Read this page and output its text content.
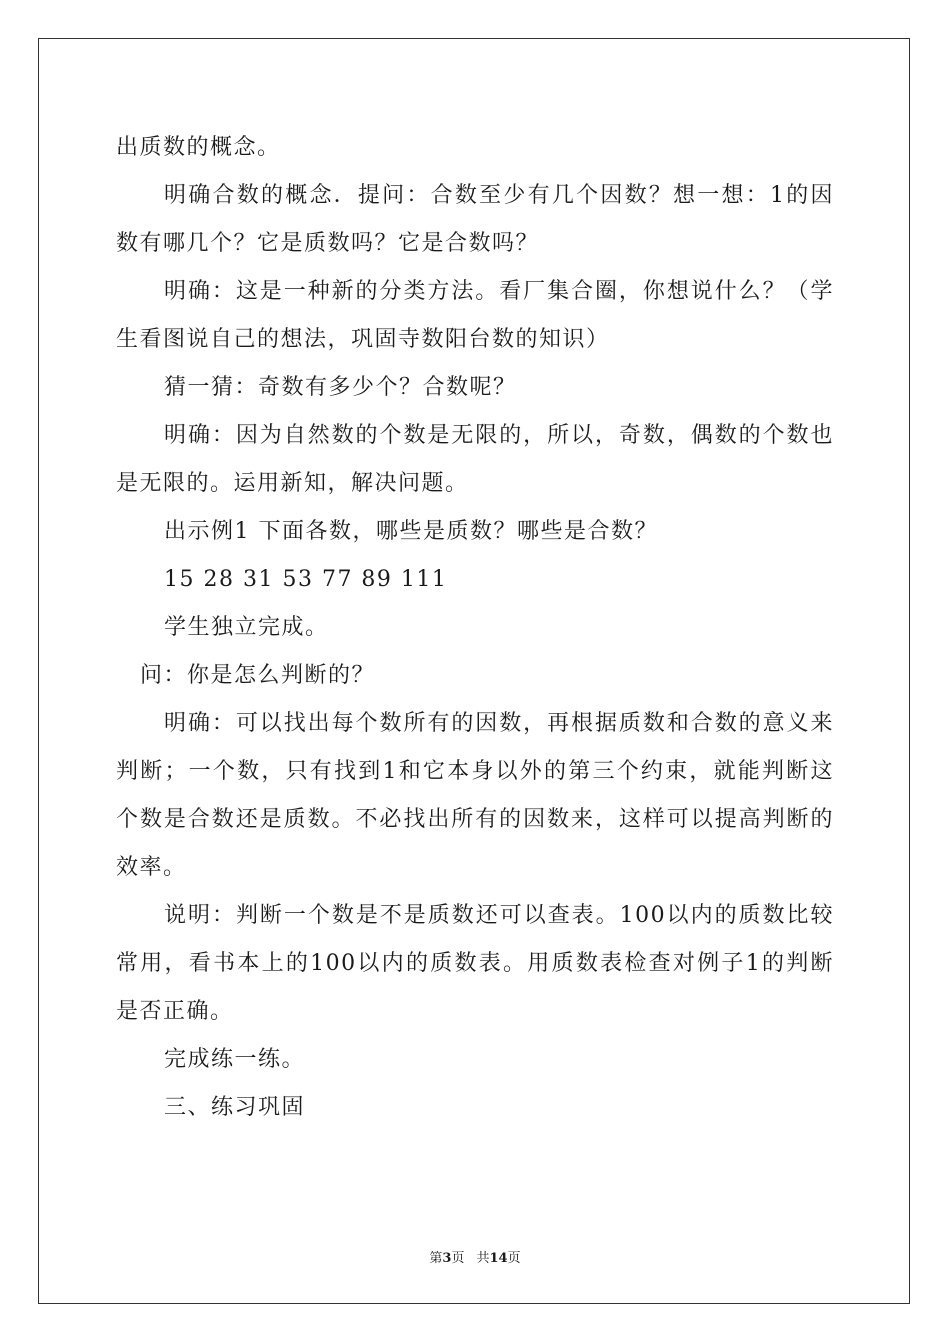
出质数的概念。

明确合数的概念．提问：合数至少有几个因数？想一想：1的因数有哪几个？它是质数吗？它是合数吗？

明确：这是一种新的分类方法。看厂集合圈，你想说什么？（学生看图说自己的想法，巩固寺数阳台数的知识）

猜一猜：奇数有多少个？合数呢？

明确：因为自然数的个数是无限的，所以，奇数，偶数的个数也是无限的。运用新知，解决问题。

出示例1 下面各数，哪些是质数？哪些是合数？

15 28 31 53 77 89 111

学生独立完成。

问：你是怎么判断的？

明确：可以找出每个数所有的因数，再根据质数和合数的意义来判断；一个数，只有找到1和它本身以外的第三个约束，就能判断这个数是合数还是质数。不必找出所有的因数来，这样可以提高判断的效率。

说明：判断一个数是不是质数还可以查表。100以内的质数比较常用，看书本上的100以内的质数表。用质数表检查对例子1的判断是否正确。

完成练一练。

三、练习巩固

第3页 共14页
